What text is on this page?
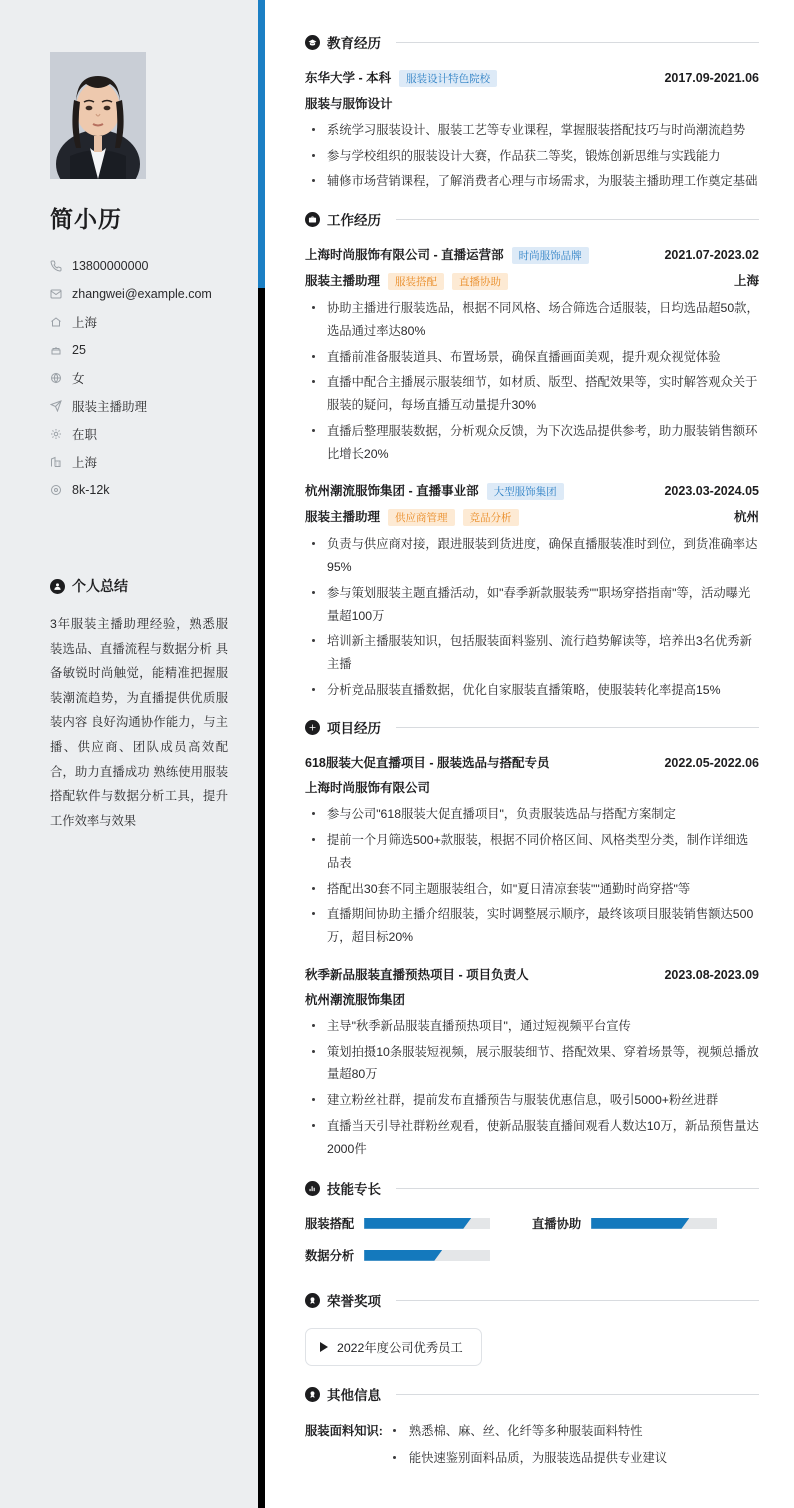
简小历
13800000000
zhangwei@example.com
上海
25
女
服装主播助理
在职
上海
8k-12k
个人总结
3年服装主播助理经验，熟悉服装选品、直播流程与数据分析 具备敏锐时尚触觉，能精准把握服装潮流趋势，为直播提供优质服装内容 良好沟通协作能力，与主播、供应商、团队成员高效配合，助力直播成功 熟练使用服装搭配软件与数据分析工具，提升工作效率与效果
教育经历
东华大学 - 本科	服装设计特色院校	2017.09-2021.06
服装与服饰设计
系统学习服装设计、服装工艺等专业课程，掌握服装搭配技巧与时尚潮流趋势
参与学校组织的服装设计大赛，作品获二等奖，锻炼创新思维与实践能力
辅修市场营销课程，了解消费者心理与市场需求，为服装主播助理工作奠定基础
工作经历
上海时尚服饰有限公司 - 直播运营部	时尚服饰品牌	2021.07-2023.02
服装主播助理	服装搭配	直播协助	上海
协助主播进行服装选品，根据不同风格、场合筛选合适服装，日均选品超50款，选品通过率达80%
直播前准备服装道具、布置场景，确保直播画面美观，提升观众视觉体验
直播中配合主播展示服装细节，如材质、版型、搭配效果等，实时解答观众关于服装的疑问，每场直播互动量提升30%
直播后整理服装数据，分析观众反馈，为下次选品提供参考，助力服装销售额环比增长20%
杭州潮流服饰集团 - 直播事业部	大型服饰集团	2023.03-2024.05
服装主播助理	供应商管理	竞品分析	杭州
负责与供应商对接，跟进服装到货进度，确保直播服装准时到位，到货准确率达95%
参与策划服装主题直播活动，如"春季新款服装秀""职场穿搭指南"等，活动曝光量超100万
培训新主播服装知识，包括服装面料鉴别、流行趋势解读等，培养出3名优秀新主播
分析竞品服装直播数据，优化自家服装直播策略，使服装转化率提高15%
项目经历
618服装大促直播项目 - 服装选品与搭配专员	2022.05-2022.06
上海时尚服饰有限公司
参与公司"618服装大促直播项目"，负责服装选品与搭配方案制定
提前一个月筛选500+款服装，根据不同价格区间、风格类型分类，制作详细选品表
搭配出30套不同主题服装组合，如"夏日清凉套装""通勤时尚穿搭"等
直播期间协助主播介绍服装，实时调整展示顺序，最终该项目服装销售额达500万，超目标20%
秋季新品服装直播预热项目 - 项目负责人	2023.08-2023.09
杭州潮流服饰集团
主导"秋季新品服装直播预热项目"，通过短视频平台宣传
策划拍摄10条服装短视频，展示服装细节、搭配效果、穿着场景等，视频总播放量超80万
建立粉丝社群，提前发布直播预告与服装优惠信息，吸引5000+粉丝进群
直播当天引导社群粉丝观看，使新品服装直播间观看人数达10万，新品预售量达2000件
技能专长
服装搭配	直播协助
数据分析
荣誉奖项
2022年度公司优秀员工
其他信息
服装面料知识:	熟悉棉、麻、丝、化纤等多种服装面料特性
能快速鉴别面料品质，为服装选品提供专业建议
